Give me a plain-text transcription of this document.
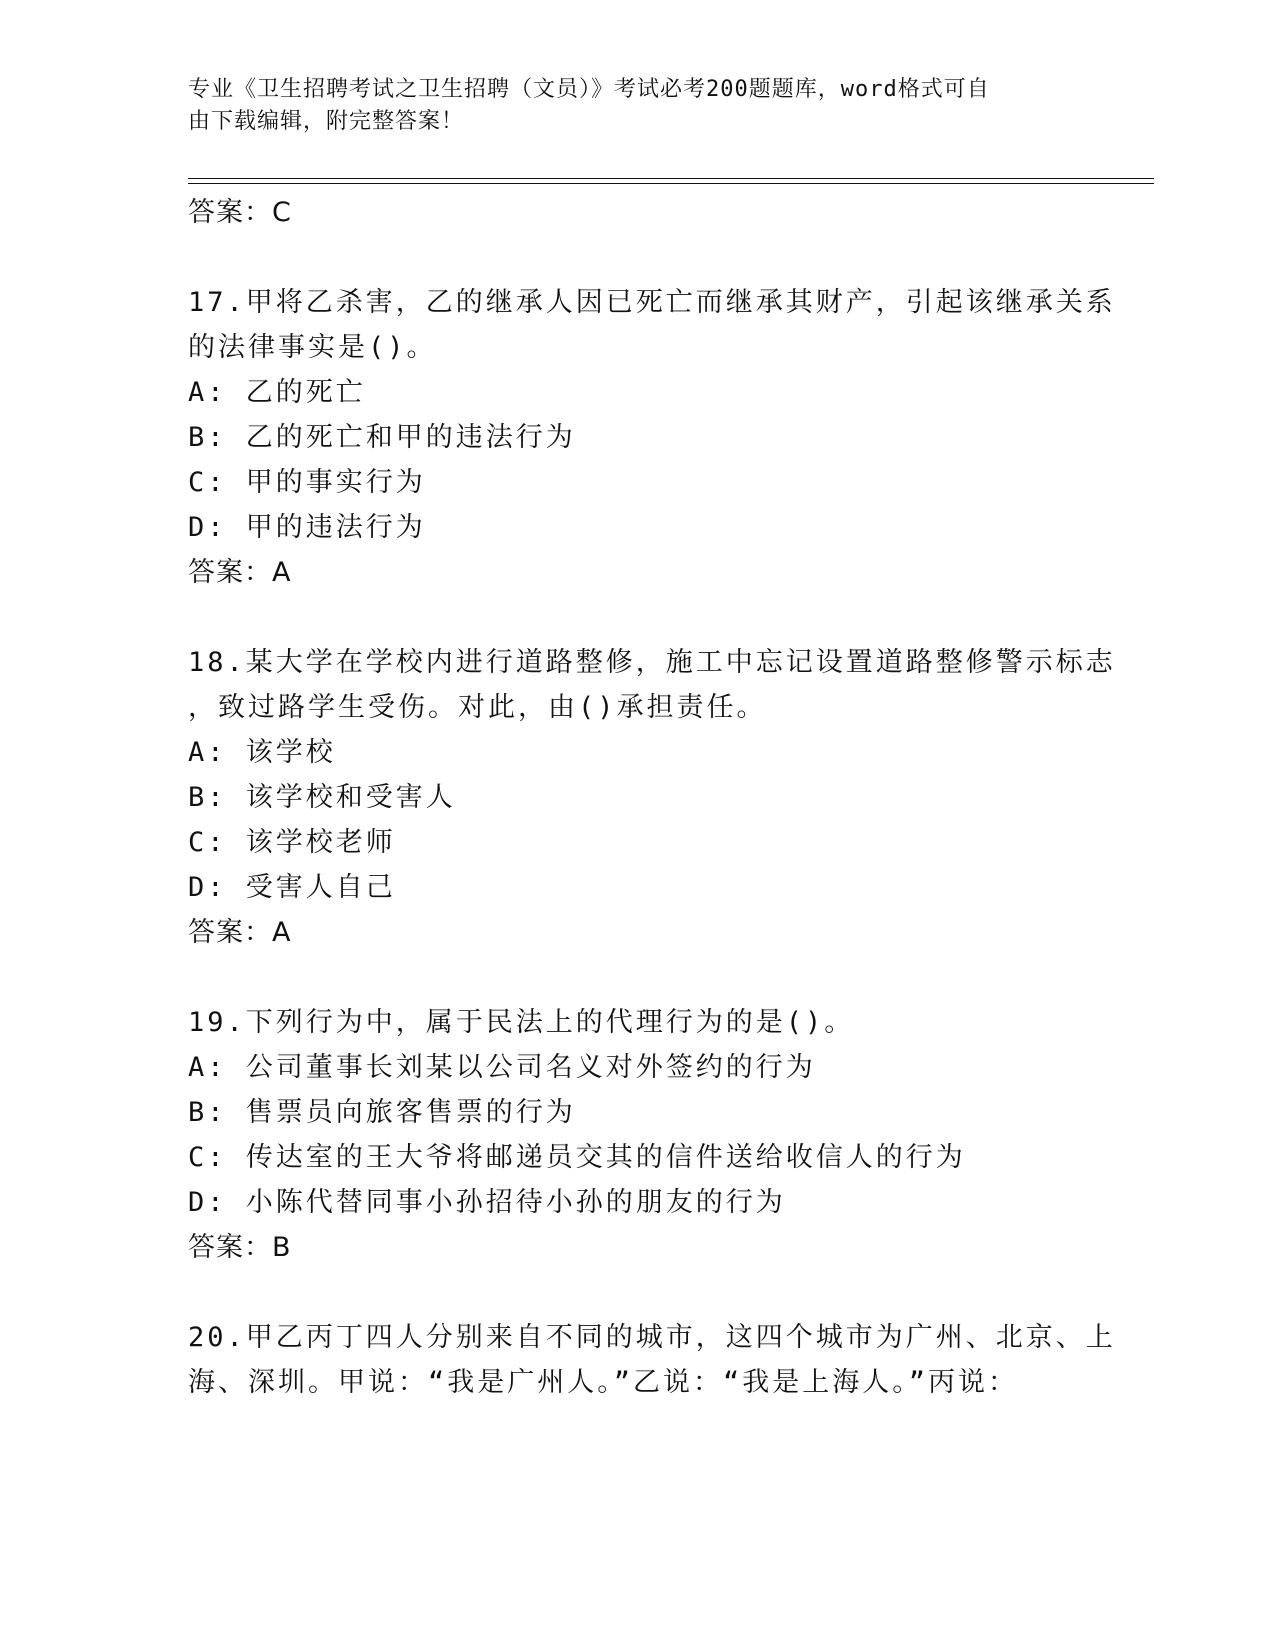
专业《卫生招聘考试之卫生招聘（文员）》考试必考200题题库，word格式可自
由下载编辑，附完整答案！
答案：C
17.甲将乙杀害，乙的继承人因已死亡而继承其财产，引起该继承关系
的法律事实是()。
A: 乙的死亡
B: 乙的死亡和甲的违法行为
C: 甲的事实行为
D: 甲的违法行为
答案：A
18.某大学在学校内进行道路整修，施工中忘记设置道路整修警示标志
，致过路学生受伤。对此，由()承担责任。
A: 该学校
B: 该学校和受害人
C: 该学校老师
D: 受害人自己
答案：A
19.下列行为中，属于民法上的代理行为的是()。
A: 公司董事长刘某以公司名义对外签约的行为
B: 售票员向旅客售票的行为
C: 传达室的王大爷将邮递员交其的信件送给收信人的行为
D: 小陈代替同事小孙招待小孙的朋友的行为
答案：B
20.甲乙丙丁四人分别来自不同的城市，这四个城市为广州、北京、上
海、深圳。甲说：“我是广州人。”乙说：“我是上海人。”丙说：
